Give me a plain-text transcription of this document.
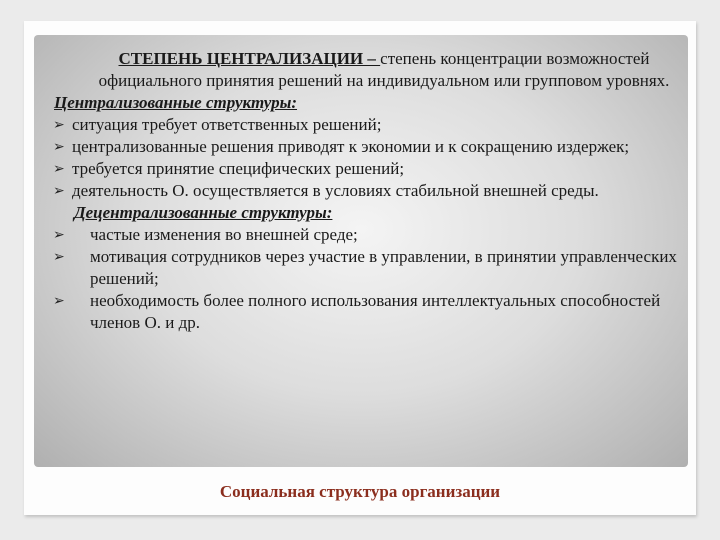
СТЕПЕНЬ ЦЕНТРАЛИЗАЦИИ – степень концентрации возможностей официального принятия решений на индивидуальном или групповом уровнях.

Централизованные структуры:

➢ ситуация требует ответственных решений;
➢ централизованные решения приводят к экономии и к сокращению издержек;
➢ требуется принятие специфических решений;
➢ деятельность О. осуществляется в условиях стабильной внешней среды.

Децентрализованные структуры:

➢ частые изменения во внешней среде;
➢ мотивация сотрудников через участие в управлении, в принятии управленческих решений;
➢ необходимость более полного использования интеллектуальных способностей членов О. и др.
Социальная структура организации
